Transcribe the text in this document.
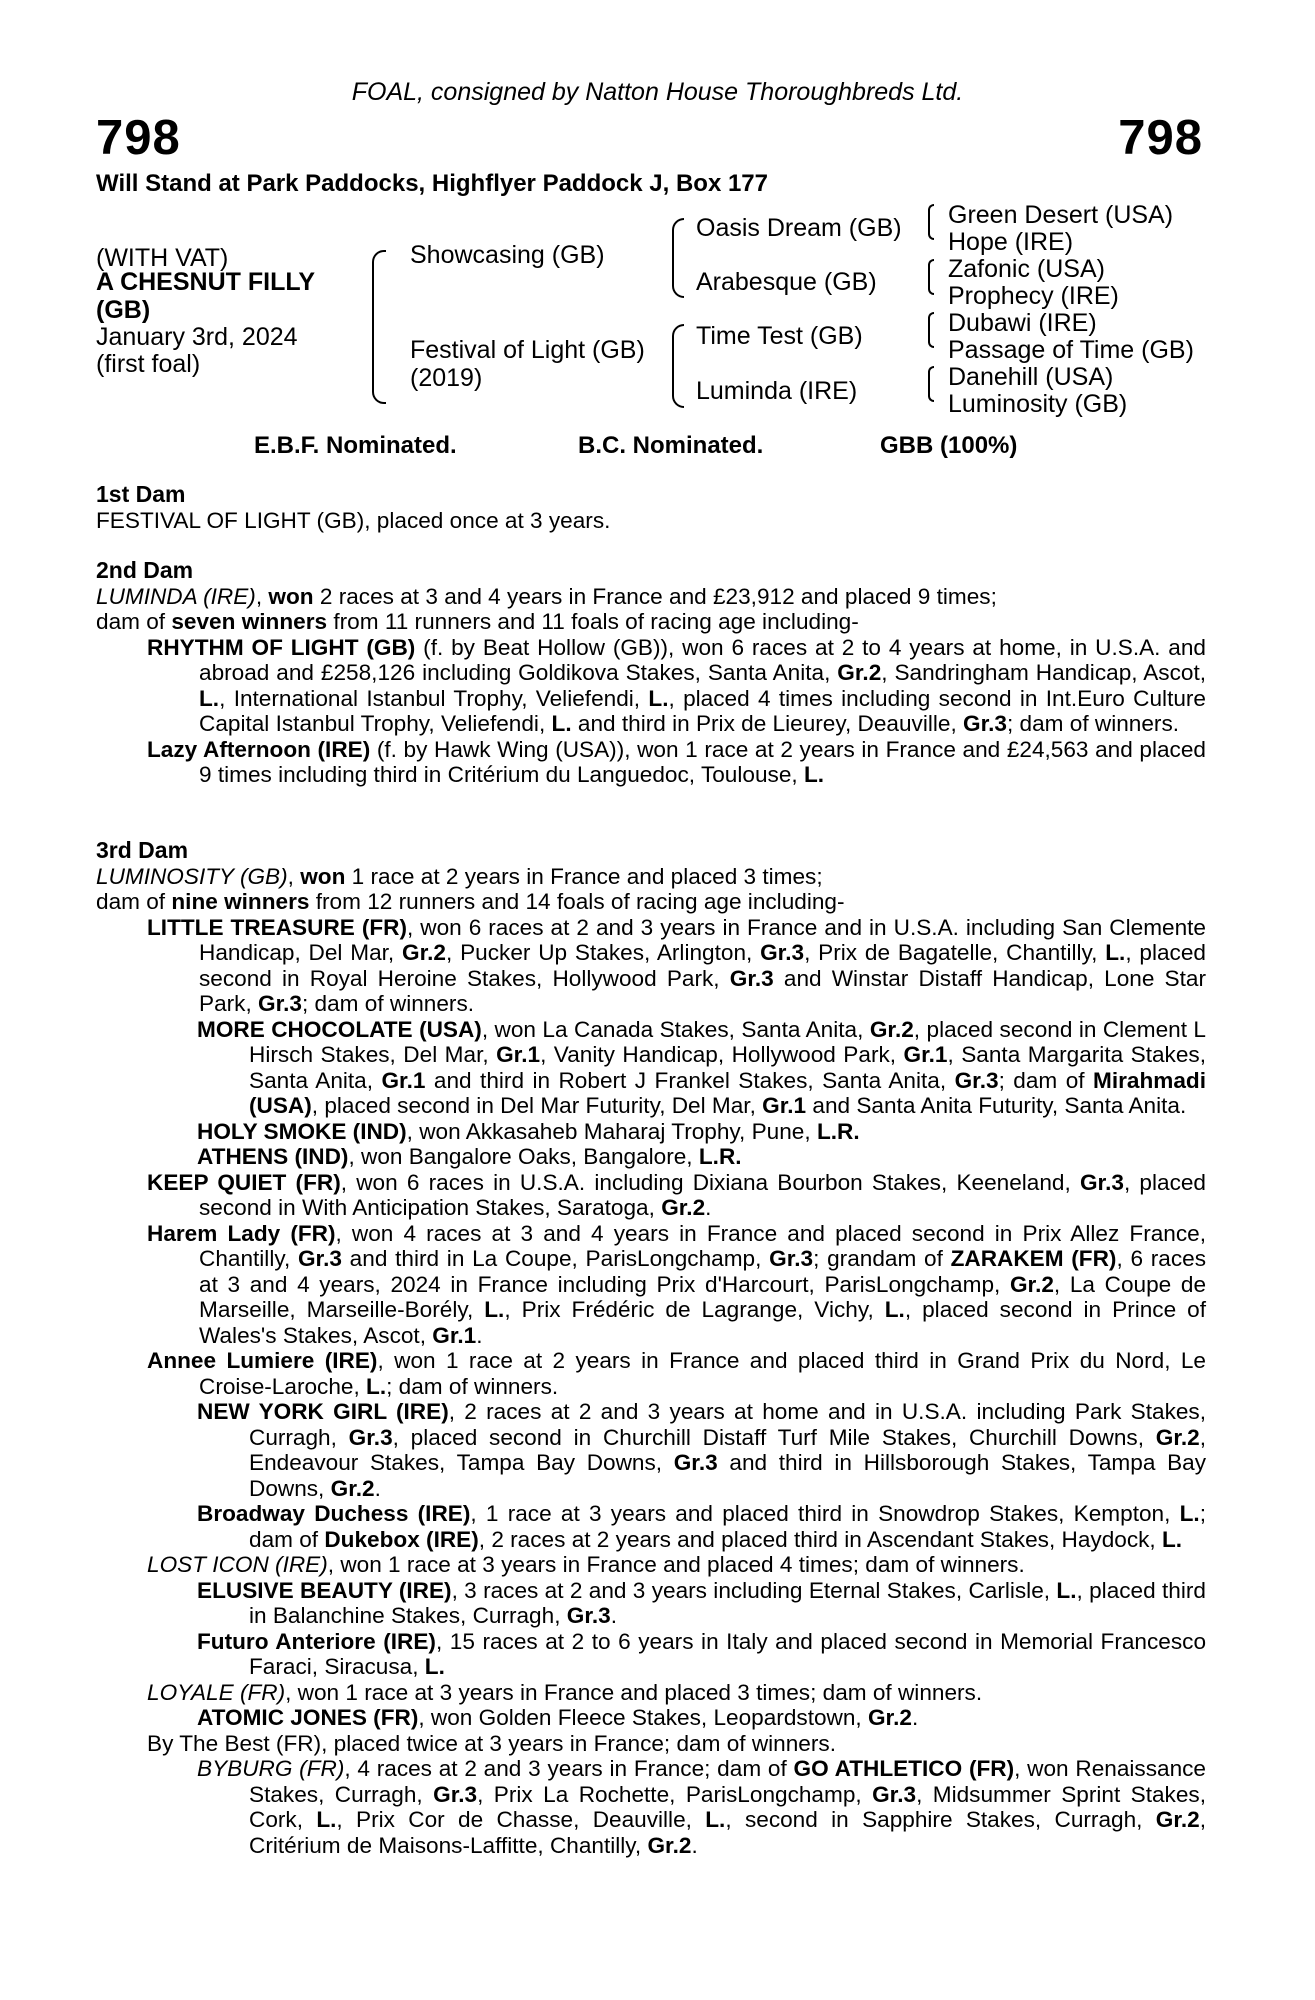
FOAL, consigned by Natton House Thoroughbreds Ltd.
798	798
Will Stand at Park Paddocks, Highflyer Paddock J, Box 177
(WITH VAT)
A CHESNUT FILLY
(GB)
January 3rd, 2024
(first foal)
Showcasing (GB)
Festival of Light (GB)
(2019)
Oasis Dream (GB)
Arabesque (GB)
Time Test (GB)
Luminda (IRE)
Green Desert (USA)
Hope (IRE)
Zafonic (USA)
Prophecy (IRE)
Dubawi (IRE)
Passage of Time (GB)
Danehill (USA)
Luminosity (GB)
E.B.F. Nominated.	B.C. Nominated.	GBB (100%)

1st Dam

FESTIVAL OF LIGHT (GB), placed once at 3 years.

2nd Dam

LUMINDA (IRE), won 2 races at 3 and 4 years in France and £23,912 and placed 9 times;

dam of seven winners from 11 runners and 11 foals of racing age including-

RHYTHM OF LIGHT (GB) (f. by Beat Hollow (GB)), won 6 races at 2 to 4 years at home, in U.S.A. and abroad and £258,126 including Goldikova Stakes, Santa Anita, Gr.2, Sandringham Handicap, Ascot, L., International Istanbul Trophy, Veliefendi, L., placed 4 times including second in Int.Euro Culture Capital Istanbul Trophy, Veliefendi, L. and third in Prix de Lieurey, Deauville, Gr.3; dam of winners.

Lazy Afternoon (IRE) (f. by Hawk Wing (USA)), won 1 race at 2 years in France and £24,563 and placed 9 times including third in Critérium du Languedoc, Toulouse, L.

3rd Dam

LUMINOSITY (GB), won 1 race at 2 years in France and placed 3 times;

dam of nine winners from 12 runners and 14 foals of racing age including-

LITTLE TREASURE (FR), won 6 races at 2 and 3 years in France and in U.S.A. including San Clemente Handicap, Del Mar, Gr.2, Pucker Up Stakes, Arlington, Gr.3, Prix de Bagatelle, Chantilly, L., placed second in Royal Heroine Stakes, Hollywood Park, Gr.3 and Winstar Distaff Handicap, Lone Star Park, Gr.3; dam of winners.

MORE CHOCOLATE (USA), won La Canada Stakes, Santa Anita, Gr.2, placed second in Clement L Hirsch Stakes, Del Mar, Gr.1, Vanity Handicap, Hollywood Park, Gr.1, Santa Margarita Stakes, Santa Anita, Gr.1 and third in Robert J Frankel Stakes, Santa Anita, Gr.3; dam of Mirahmadi (USA), placed second in Del Mar Futurity, Del Mar, Gr.1 and Santa Anita Futurity, Santa Anita.

HOLY SMOKE (IND), won Akkasaheb Maharaj Trophy, Pune, L.R.

ATHENS (IND), won Bangalore Oaks, Bangalore, L.R.

KEEP QUIET (FR), won 6 races in U.S.A. including Dixiana Bourbon Stakes, Keeneland, Gr.3, placed second in With Anticipation Stakes, Saratoga, Gr.2.

Harem Lady (FR), won 4 races at 3 and 4 years in France and placed second in Prix Allez France, Chantilly, Gr.3 and third in La Coupe, ParisLongchamp, Gr.3; grandam of ZARAKEM (FR), 6 races at 3 and 4 years, 2024 in France including Prix d'Harcourt, ParisLongchamp, Gr.2, La Coupe de Marseille, Marseille-Borély, L., Prix Frédéric de Lagrange, Vichy, L., placed second in Prince of Wales's Stakes, Ascot, Gr.1.

Annee Lumiere (IRE), won 1 race at 2 years in France and placed third in Grand Prix du Nord, Le Croise-Laroche, L.; dam of winners.

NEW YORK GIRL (IRE), 2 races at 2 and 3 years at home and in U.S.A. including Park Stakes, Curragh, Gr.3, placed second in Churchill Distaff Turf Mile Stakes, Churchill Downs, Gr.2, Endeavour Stakes, Tampa Bay Downs, Gr.3 and third in Hillsborough Stakes, Tampa Bay Downs, Gr.2.

Broadway Duchess (IRE), 1 race at 3 years and placed third in Snowdrop Stakes, Kempton, L.; dam of Dukebox (IRE), 2 races at 2 years and placed third in Ascendant Stakes, Haydock, L.

LOST ICON (IRE), won 1 race at 3 years in France and placed 4 times; dam of winners.

ELUSIVE BEAUTY (IRE), 3 races at 2 and 3 years including Eternal Stakes, Carlisle, L., placed third in Balanchine Stakes, Curragh, Gr.3.

Futuro Anteriore (IRE), 15 races at 2 to 6 years in Italy and placed second in Memorial Francesco Faraci, Siracusa, L.

LOYALE (FR), won 1 race at 3 years in France and placed 3 times; dam of winners.

ATOMIC JONES (FR), won Golden Fleece Stakes, Leopardstown, Gr.2.

By The Best (FR), placed twice at 3 years in France; dam of winners.

BYBURG (FR), 4 races at 2 and 3 years in France; dam of GO ATHLETICO (FR), won Renaissance Stakes, Curragh, Gr.3, Prix La Rochette, ParisLongchamp, Gr.3, Midsummer Sprint Stakes, Cork, L., Prix Cor de Chasse, Deauville, L., second in Sapphire Stakes, Curragh, Gr.2, Critérium de Maisons-Laffitte, Chantilly, Gr.2.
